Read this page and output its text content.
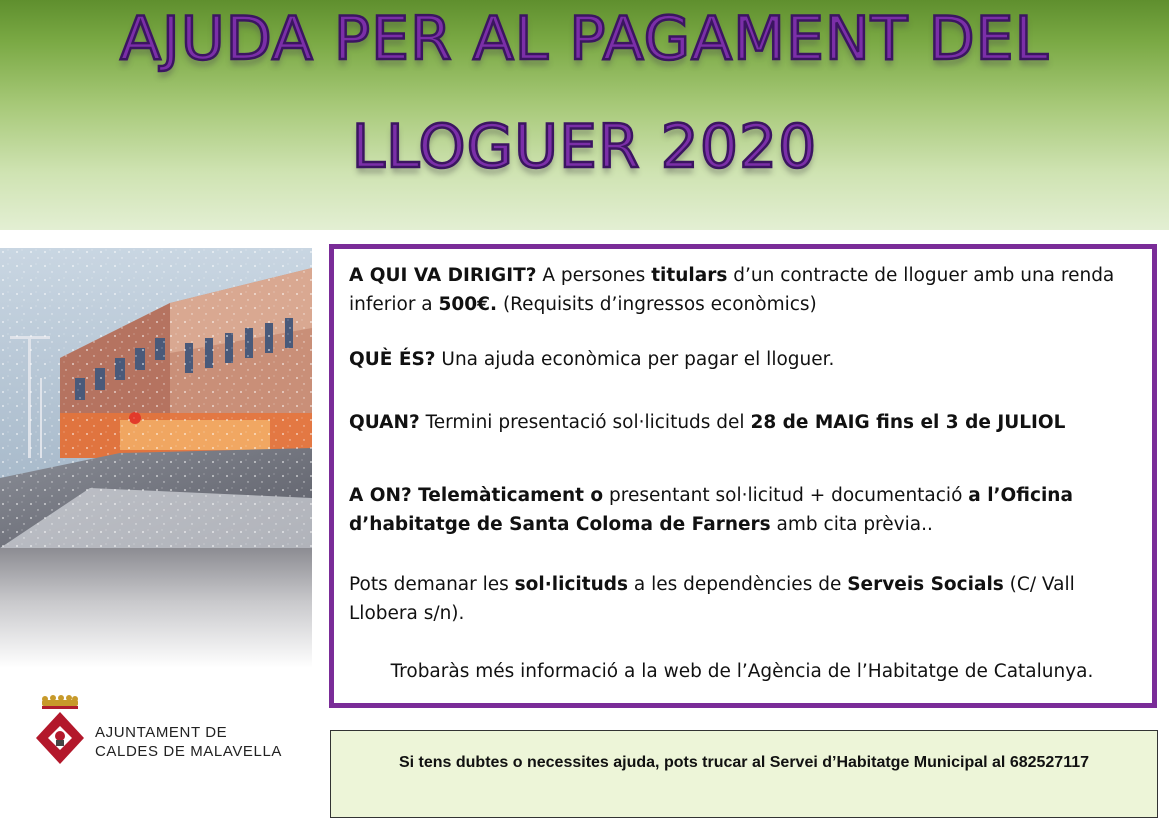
AJUDA PER AL PAGAMENT DEL
LLOGUER 2020
AJUNTAMENT DE
CALDES DE MALAVELLA
A QUI VA DIRIGIT? A persones titulars d’un contracte de lloguer amb una renda inferior a 500€. (Requisits d’ingressos econòmics)
QUÈ ÉS? Una ajuda econòmica per pagar el lloguer.
QUAN? Termini presentació sol·licituds del 28 de MAIG fins el 3 de JULIOL
A ON? Telemàticament o presentant sol·licitud + documentació a l’Oficina d’habitatge de Santa Coloma de Farners amb cita prèvia..
Pots demanar les sol·licituds a les dependències de Serveis Socials (C/ Vall Llobera s/n).
Trobaràs més informació a la web de l’Agència de l’Habitatge de Catalunya.
Si tens dubtes o necessites ajuda, pots trucar al Servei d’Habitatge Municipal al 682527117
